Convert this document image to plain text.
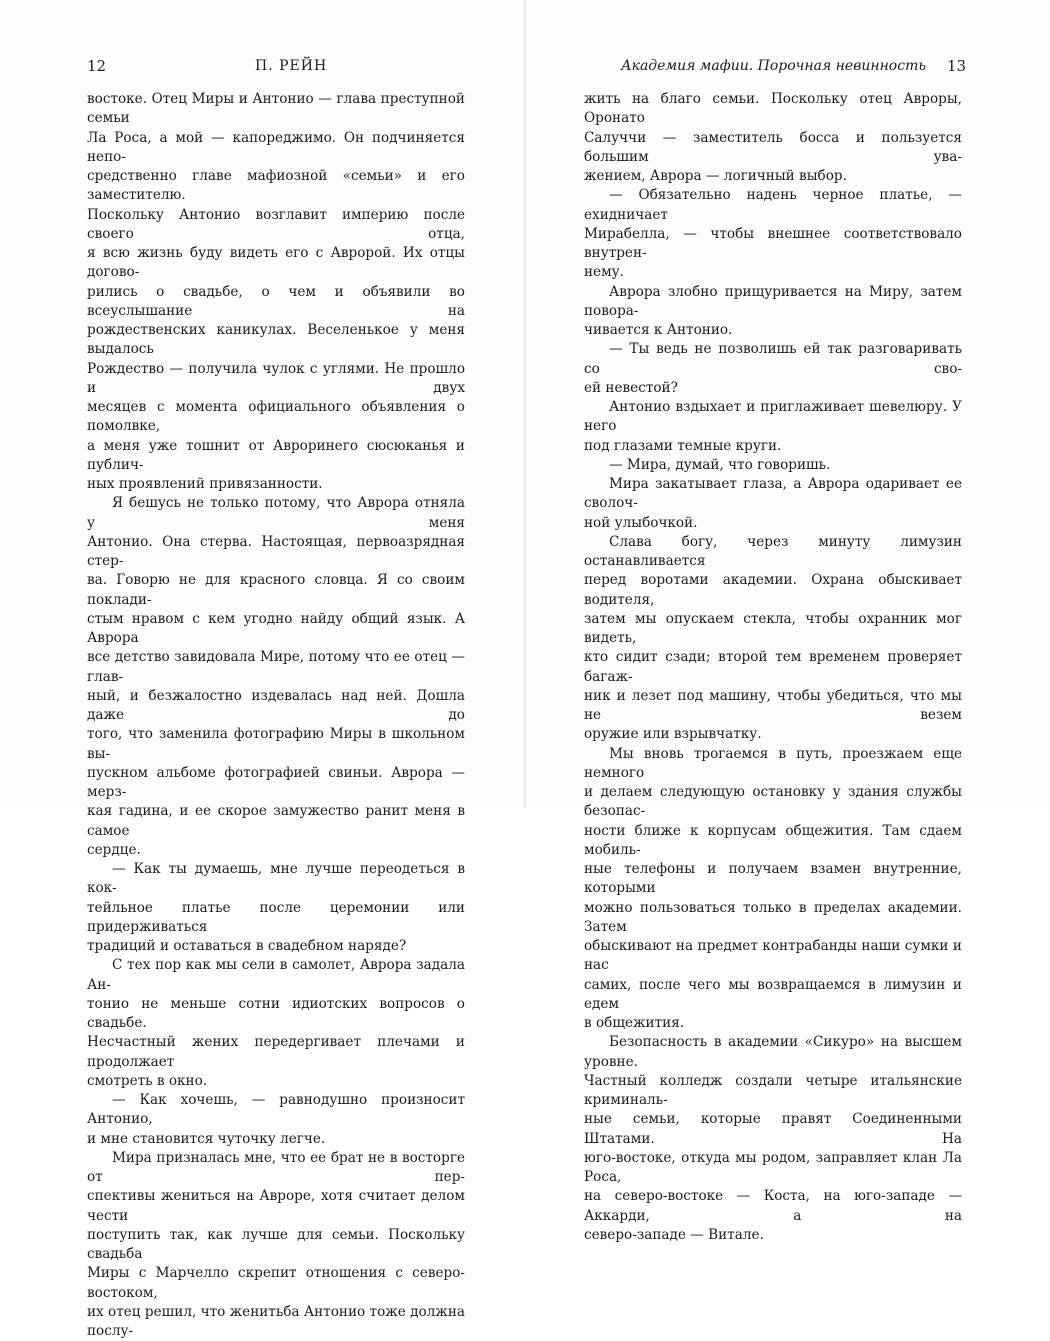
12	П. РЕЙН

востоке. Отец Миры и Антонио — глава преступной семьи

Ла Роса, а мой — капореджимо. Он подчиняется непо-

средственно главе мафиозной «семьи» и его заместителю.

Поскольку Антонио возглавит империю после своего отца,

я всю жизнь буду видеть его с Авророй. Их отцы догово-

рились о свадьбе, о чем и объявили во всеуслышание на

рождественских каникулах. Веселенькое у меня выдалось

Рождество — получила чулок с углями. Не прошло и двух

месяцев с момента официального объявления о помолвке,

а меня уже тошнит от Авроринего сюсюканья и публич-

ных проявлений привязанности.

Я бешусь не только потому, что Аврора отняла у меня

Антонио. Она стерва. Настоящая, первоазрядная стер-

ва. Говорю не для красного словца. Я со своим поклади-

стым нравом с кем угодно найду общий язык. А Аврора

все детство завидовала Мире, потому что ее отец — глав-

ный, и безжалостно издевалась над ней. Дошла даже до

того, что заменила фотографию Миры в школьном вы-

пускном альбоме фотографией свиньи. Аврора — мерз-

кая гадина, и ее скорое замужество ранит меня в самое

сердце.

— Как ты думаешь, мне лучше переодеться в кок-

тейльное платье после церемонии или придерживаться

традиций и оставаться в свадебном наряде?

С тех пор как мы сели в самолет, Аврора задала Ан-

тонио не меньше сотни идиотских вопросов о свадьбе.

Несчастный жених передергивает плечами и продолжает

смотреть в окно.

— Как хочешь, — равнодушно произносит Антонио,

и мне становится чуточку легче.

Мира призналась мне, что ее брат не в восторге от пер-

спективы жениться на Авроре, хотя считает делом чести

поступить так, как лучше для семьи. Поскольку свадьба

Миры с Марчелло скрепит отношения с северо-востоком,

их отец решил, что женитьба Антонио тоже должна послу-

Академия мафии. Порочная невинность 13

жить на благо семьи. Поскольку отец Авроры, Оронато

Салуччи — заместитель босса и пользуется большим ува-

жением, Аврора — логичный выбор.

— Обязательно надень черное платье, — ехидничает

Мирабелла, — чтобы внешнее соответствовало внутрен-

нему.

Аврора злобно прищуривается на Миру, затем повора-

чивается к Антонио.

— Ты ведь не позволишь ей так разговаривать со сво-

ей невестой?

Антонио вздыхает и приглаживает шевелюру. У него

под глазами темные круги.

— Мира, думай, что говоришь.

Мира закатывает глаза, а Аврора одаривает ее сволоч-

ной улыбочкой.

Слава богу, через минуту лимузин останавливается

перед воротами академии. Охрана обыскивает водителя,

затем мы опускаем стекла, чтобы охранник мог видеть,

кто сидит сзади; второй тем временем проверяет багаж-

ник и лезет под машину, чтобы убедиться, что мы не везем

оружие или взрывчатку.

Мы вновь трогаемся в путь, проезжаем еще немного

и делаем следующую остановку у здания службы безопас-

ности ближе к корпусам общежития. Там сдаем мобиль-

ные телефоны и получаем взамен внутренние, которыми

можно пользоваться только в пределах академии. Затем

обыскивают на предмет контрабанды наши сумки и нас

самих, после чего мы возвращаемся в лимузин и едем

в общежития.

Безопасность в академии «Сикуро» на высшем уровне.

Частный колледж создали четыре итальянские криминаль-

ные семьи, которые правят Соединенными Штатами. На

юго-востоке, откуда мы родом, заправляет клан Ла Роса,

на северо-востоке — Коста, на юго-западе — Аккарди, а на

северо-западе — Витале.
